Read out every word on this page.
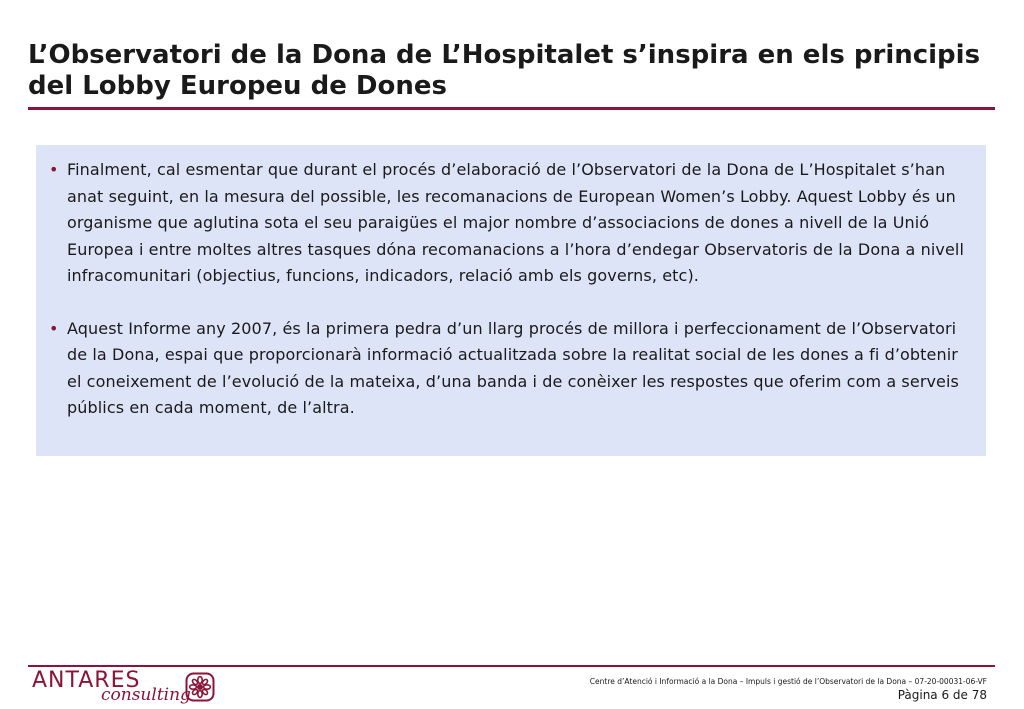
L’Observatori de la Dona de L’Hospitalet s’inspira en els principis del Lobby Europeu de Dones
• Finalment, cal esmentar que durant el procés d’elaboració de l’Observatori de la Dona de L’Hospitalet s’han anat seguint, en la mesura del possible, les recomanacions de European Women’s Lobby. Aquest Lobby és un organisme que aglutina sota el seu paraigües el major nombre d’associacions de dones a nivell de la Unió Europea i entre moltes altres tasques dóna recomanacions a l’hora d’endegar Observatoris de la Dona a nivell infracomunitari (objectius, funcions, indicadors, relació amb els governs, etc).
• Aquest Informe any 2007, és la primera pedra d’un llarg procés de millora i perfeccionament de l’Observatori de la Dona, espai que proporcionarà informació actualitzada sobre la realitat social de les dones a fi d’obtenir el coneixement de l’evolució de la mateixa, d’una banda i de conèixer les respostes que oferim com a serveis públics en cada moment, de l’altra.
ANTARES
consulting
Centre d’Atenció i Informació a la Dona – Impuls i gestió de l’Observatori de la Dona – 07-20-00031-06-VF
Pàgina 6 de 78
